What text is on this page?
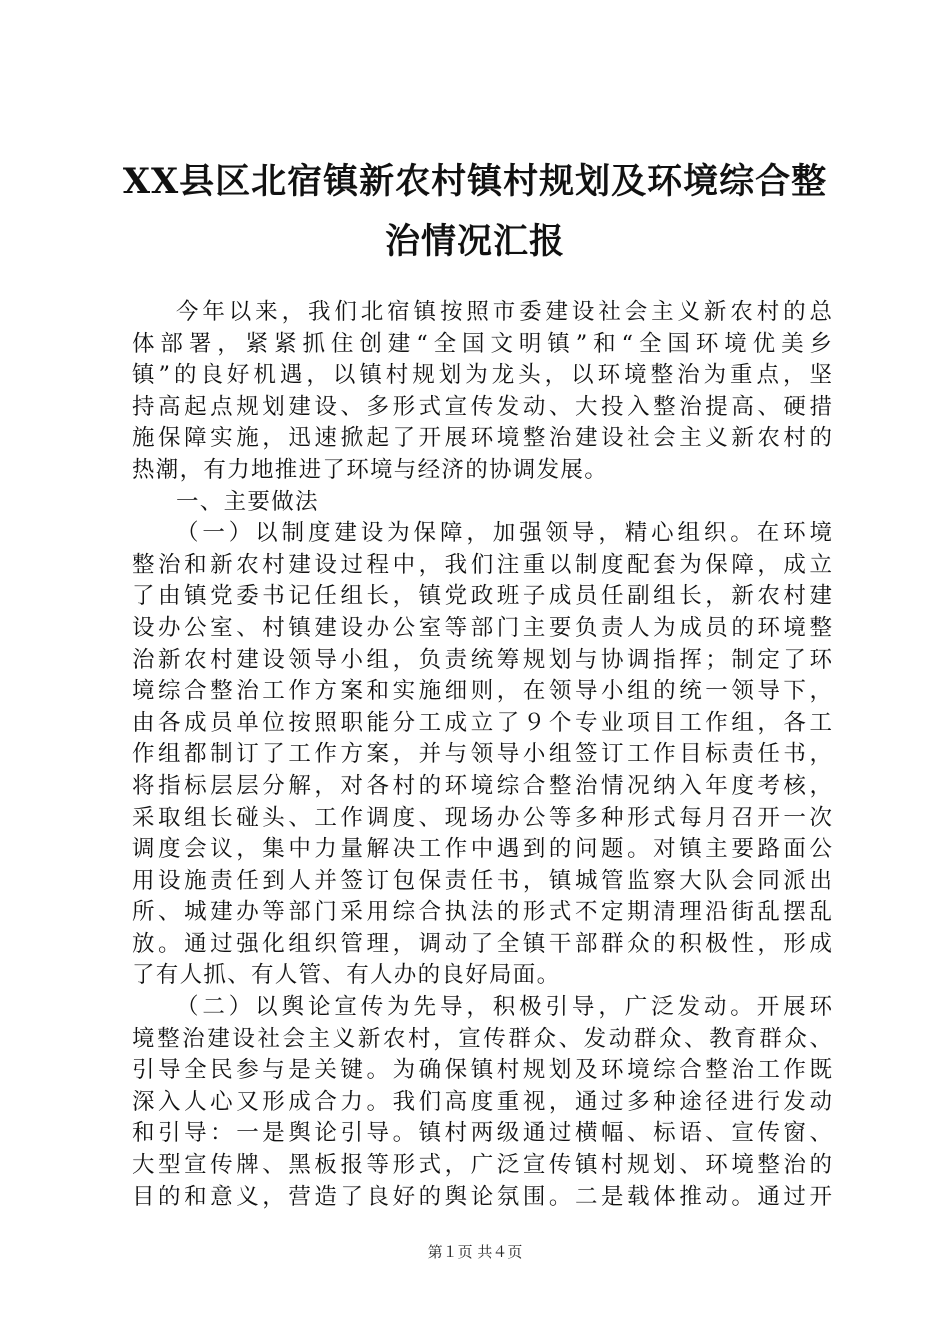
XX县区北宿镇新农村镇村规划及环境综合整
治情况汇报
今年以来，我们北宿镇按照市委建设社会主义新农村的总
体部署，紧紧抓住创建“全国文明镇”和“全国环境优美乡
镇”的良好机遇，以镇村规划为龙头，以环境整治为重点，坚
持高起点规划建设、多形式宣传发动、大投入整治提高、硬措
施保障实施，迅速掀起了开展环境整治建设社会主义新农村的
热潮，有力地推进了环境与经济的协调发展。
一、主要做法
（一）以制度建设为保障，加强领导，精心组织。在环境
整治和新农村建设过程中，我们注重以制度配套为保障，成立
了由镇党委书记任组长，镇党政班子成员任副组长，新农村建
设办公室、村镇建设办公室等部门主要负责人为成员的环境整
治新农村建设领导小组，负责统筹规划与协调指挥；制定了环
境综合整治工作方案和实施细则，在领导小组的统一领导下，
由各成员单位按照职能分工成立了９个专业项目工作组，各工
作组都制订了工作方案，并与领导小组签订工作目标责任书，
将指标层层分解，对各村的环境综合整治情况纳入年度考核，
采取组长碰头、工作调度、现场办公等多种形式每月召开一次
调度会议，集中力量解决工作中遇到的问题。对镇主要路面公
用设施责任到人并签订包保责任书，镇城管监察大队会同派出
所、城建办等部门采用综合执法的形式不定期清理沿街乱摆乱
放。通过强化组织管理，调动了全镇干部群众的积极性，形成
了有人抓、有人管、有人办的良好局面。
（二）以舆论宣传为先导，积极引导，广泛发动。开展环
境整治建设社会主义新农村，宣传群众、发动群众、教育群众、
引导全民参与是关键。为确保镇村规划及环境综合整治工作既
深入人心又形成合力。我们高度重视，通过多种途径进行发动
和引导：一是舆论引导。镇村两级通过横幅、标语、宣传窗、
大型宣传牌、黑板报等形式，广泛宣传镇村规划、环境整治的
目的和意义，营造了良好的舆论氛围。二是载体推动。通过开
第１页 共４页
